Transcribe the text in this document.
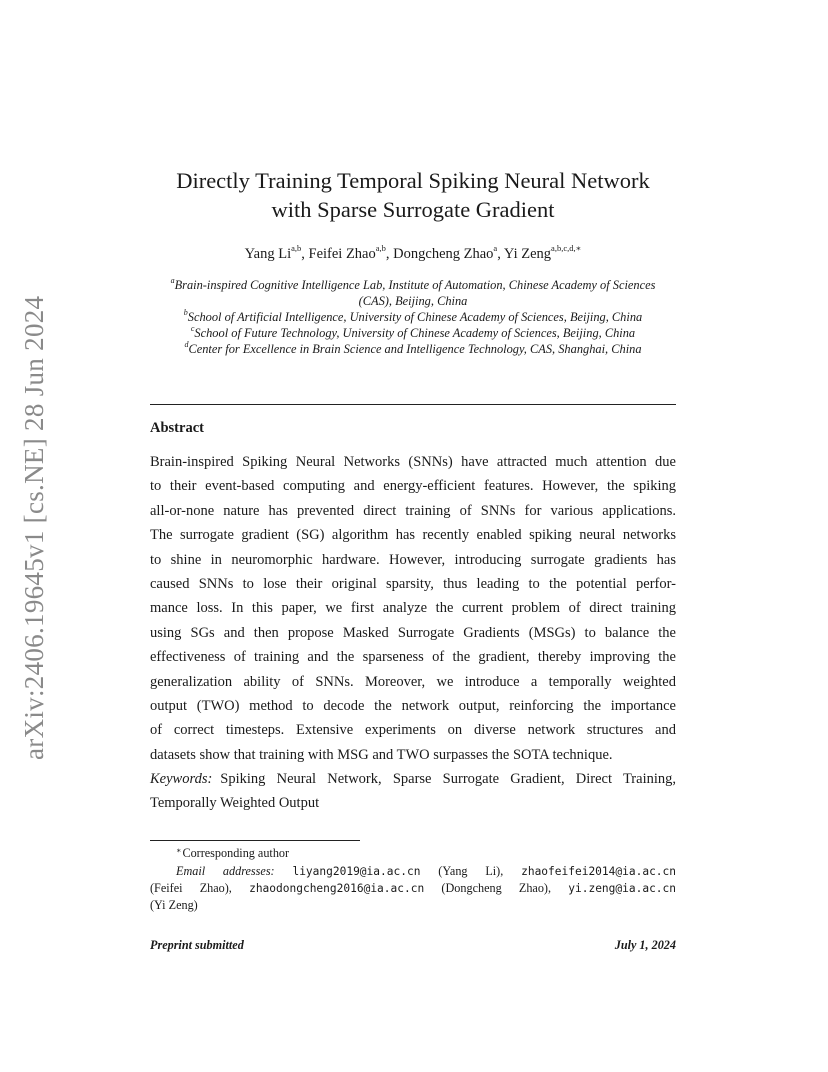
arXiv:2406.19645v1 [cs.NE] 28 Jun 2024
Directly Training Temporal Spiking Neural Network
with Sparse Surrogate Gradient
Yang Li$^{a,b}$, Feifei Zhao$^{a,b}$, Dongcheng Zhao$^a$, Yi Zeng$^{a,b,c,d,∗}$
$^a$Brain-inspired Cognitive Intelligence Lab, Institute of Automation, Chinese Academy of Sciences
(CAS), Beijing, China
$^b$School of Artificial Intelligence, University of Chinese Academy of Sciences, Beijing, China
$^c$School of Future Technology, University of Chinese Academy of Sciences, Beijing, China
$^d$Center for Excellence in Brain Science and Intelligence Technology, CAS, Shanghai, China
Abstract
Brain-inspired Spiking Neural Networks (SNNs) have attracted much attention due
to their event-based computing and energy-efficient features. However, the spiking
all-or-none nature has prevented direct training of SNNs for various applications.
The surrogate gradient (SG) algorithm has recently enabled spiking neural networks
to shine in neuromorphic hardware. However, introducing surrogate gradients has
caused SNNs to lose their original sparsity, thus leading to the potential perfor-
mance loss. In this paper, we first analyze the current problem of direct training
using SGs and then propose Masked Surrogate Gradients (MSGs) to balance the
effectiveness of training and the sparseness of the gradient, thereby improving the
generalization ability of SNNs. Moreover, we introduce a temporally weighted
output (TWO) method to decode the network output, reinforcing the importance
of correct timesteps. Extensive experiments on diverse network structures and
datasets show that training with MSG and TWO surpasses the SOTA technique.
Keywords: Spiking Neural Network, Sparse Surrogate Gradient, Direct Training,
Temporally Weighted Output
∗Corresponding author
Email addresses: liyang2019@ia.ac.cn (Yang Li), zhaofeifei2014@ia.ac.cn
(Feifei Zhao), zhaodongcheng2016@ia.ac.cn (Dongcheng Zhao), yi.zeng@ia.ac.cn
(Yi Zeng)
Preprint submitted	July 1, 2024
